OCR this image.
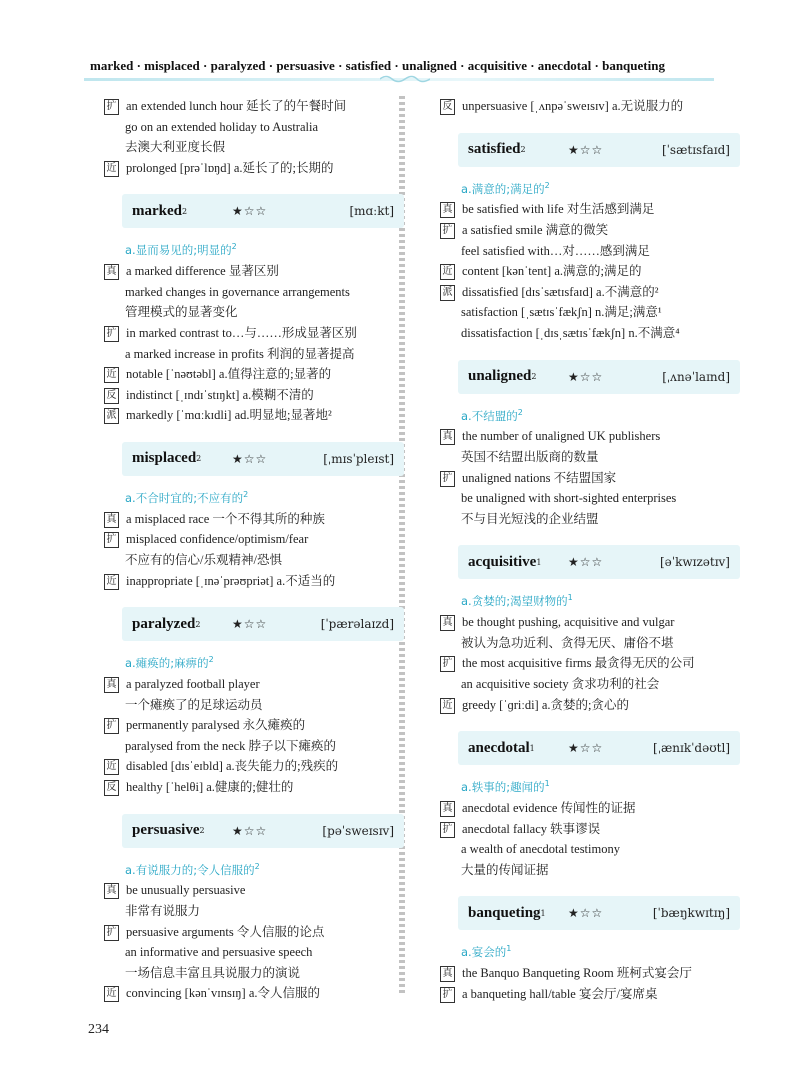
marked · misplaced · paralyzed · persuasive · satisfied · unaligned · acquisitive · anecdotal · banqueting
扩 an extended lunch hour 延长了的午餐时间
go on an extended holiday to Australia
去澳大利亚度长假
近 prolonged [prəˈlɒŋd] a.延长了的;长期的
marked 2	★☆☆	[mɑːkt]
a.显而易见的;明显的$^2$
真 a marked difference 显著区别
marked changes in governance arrangements
管理模式的显著变化
扩 in marked contrast to…与……形成显著区别
a marked increase in profits 利润的显著提高
近 notable [ˈnəʊtəbl] a.值得注意的;显著的
反 indistinct [ˌɪndɪˈstɪŋkt] a.模糊不清的
派 markedly [ˈmɑːkɪdli] ad.明显地;显著地²
misplaced 2	★☆☆	[ˌmɪsˈpleɪst]
a.不合时宜的;不应有的$^2$
真 a misplaced race 一个不得其所的种族
扩 misplaced confidence/optimism/fear
不应有的信心/乐观精神/恐惧
近 inappropriate [ˌɪnəˈprəʊpriət] a.不适当的
paralyzed 2	★☆☆	[ˈpærəlaɪzd]
a.瘫痪的;麻痹的$^2$
真 a paralyzed football player
一个瘫痪了的足球运动员
扩 permanently paralysed 永久瘫痪的
paralysed from the neck 脖子以下瘫痪的
近 disabled [dɪsˈeɪbld] a.丧失能力的;残疾的
反 healthy [ˈhelθi] a.健康的;健壮的
persuasive 2 ★☆☆	[pəˈsweɪsɪv]
a.有说服力的;令人信服的$^2$
真 be unusually persuasive
非常有说服力
扩 persuasive arguments 令人信服的论点
an informative and persuasive speech
一场信息丰富且具说服力的演说
近 convincing [kənˈvɪnsɪŋ] a.令人信服的
反 unpersuasive [ˌʌnpəˈsweɪsɪv] a.无说服力的
satisfied 2	★☆☆	[ˈsætɪsfaɪd]
a.满意的;满足的$^2$
真 be satisfied with life 对生活感到满足
扩 a satisfied smile 满意的微笑
feel satisfied with…对……感到满足
近 content [kənˈtent] a.满意的;满足的
派 dissatisfied [dɪsˈsætɪsfaɪd] a.不满意的²
satisfaction [ˌsætɪsˈfækʃn] n.满足;满意¹
dissatisfaction [ˌdɪsˌsætɪsˈfækʃn] n.不满意⁴
unaligned 2	★☆☆	[ˌʌnəˈlaɪnd]
a.不结盟的$^2$
真 the number of unaligned UK publishers
英国不结盟出版商的数量
扩 unaligned nations 不结盟国家
be unaligned with short-sighted enterprises
不与目光短浅的企业结盟
acquisitive 1 ★☆☆	[əˈkwɪzətɪv]
a.贪婪的;渴望财物的$^1$
真 be thought pushing, acquisitive and vulgar
被认为急功近利、贪得无厌、庸俗不堪
扩 the most acquisitive firms 最贪得无厌的公司
an acquisitive society 贪求功利的社会
近 greedy [ˈɡriːdi] a.贪婪的;贪心的
anecdotal 1	★☆☆	[ˌænɪkˈdəʊtl]
a.轶事的;趣闻的$^1$
真 anecdotal evidence 传闻性的证据
扩 anecdotal fallacy 轶事谬误
a wealth of anecdotal testimony
大量的传闻证据
banqueting 1 ★☆☆	[ˈbæŋkwɪtɪŋ]
a.宴会的$^1$
真 the Banquo Banqueting Room 班柯式宴会厅
扩 a banqueting hall/table 宴会厅/宴席桌
234
